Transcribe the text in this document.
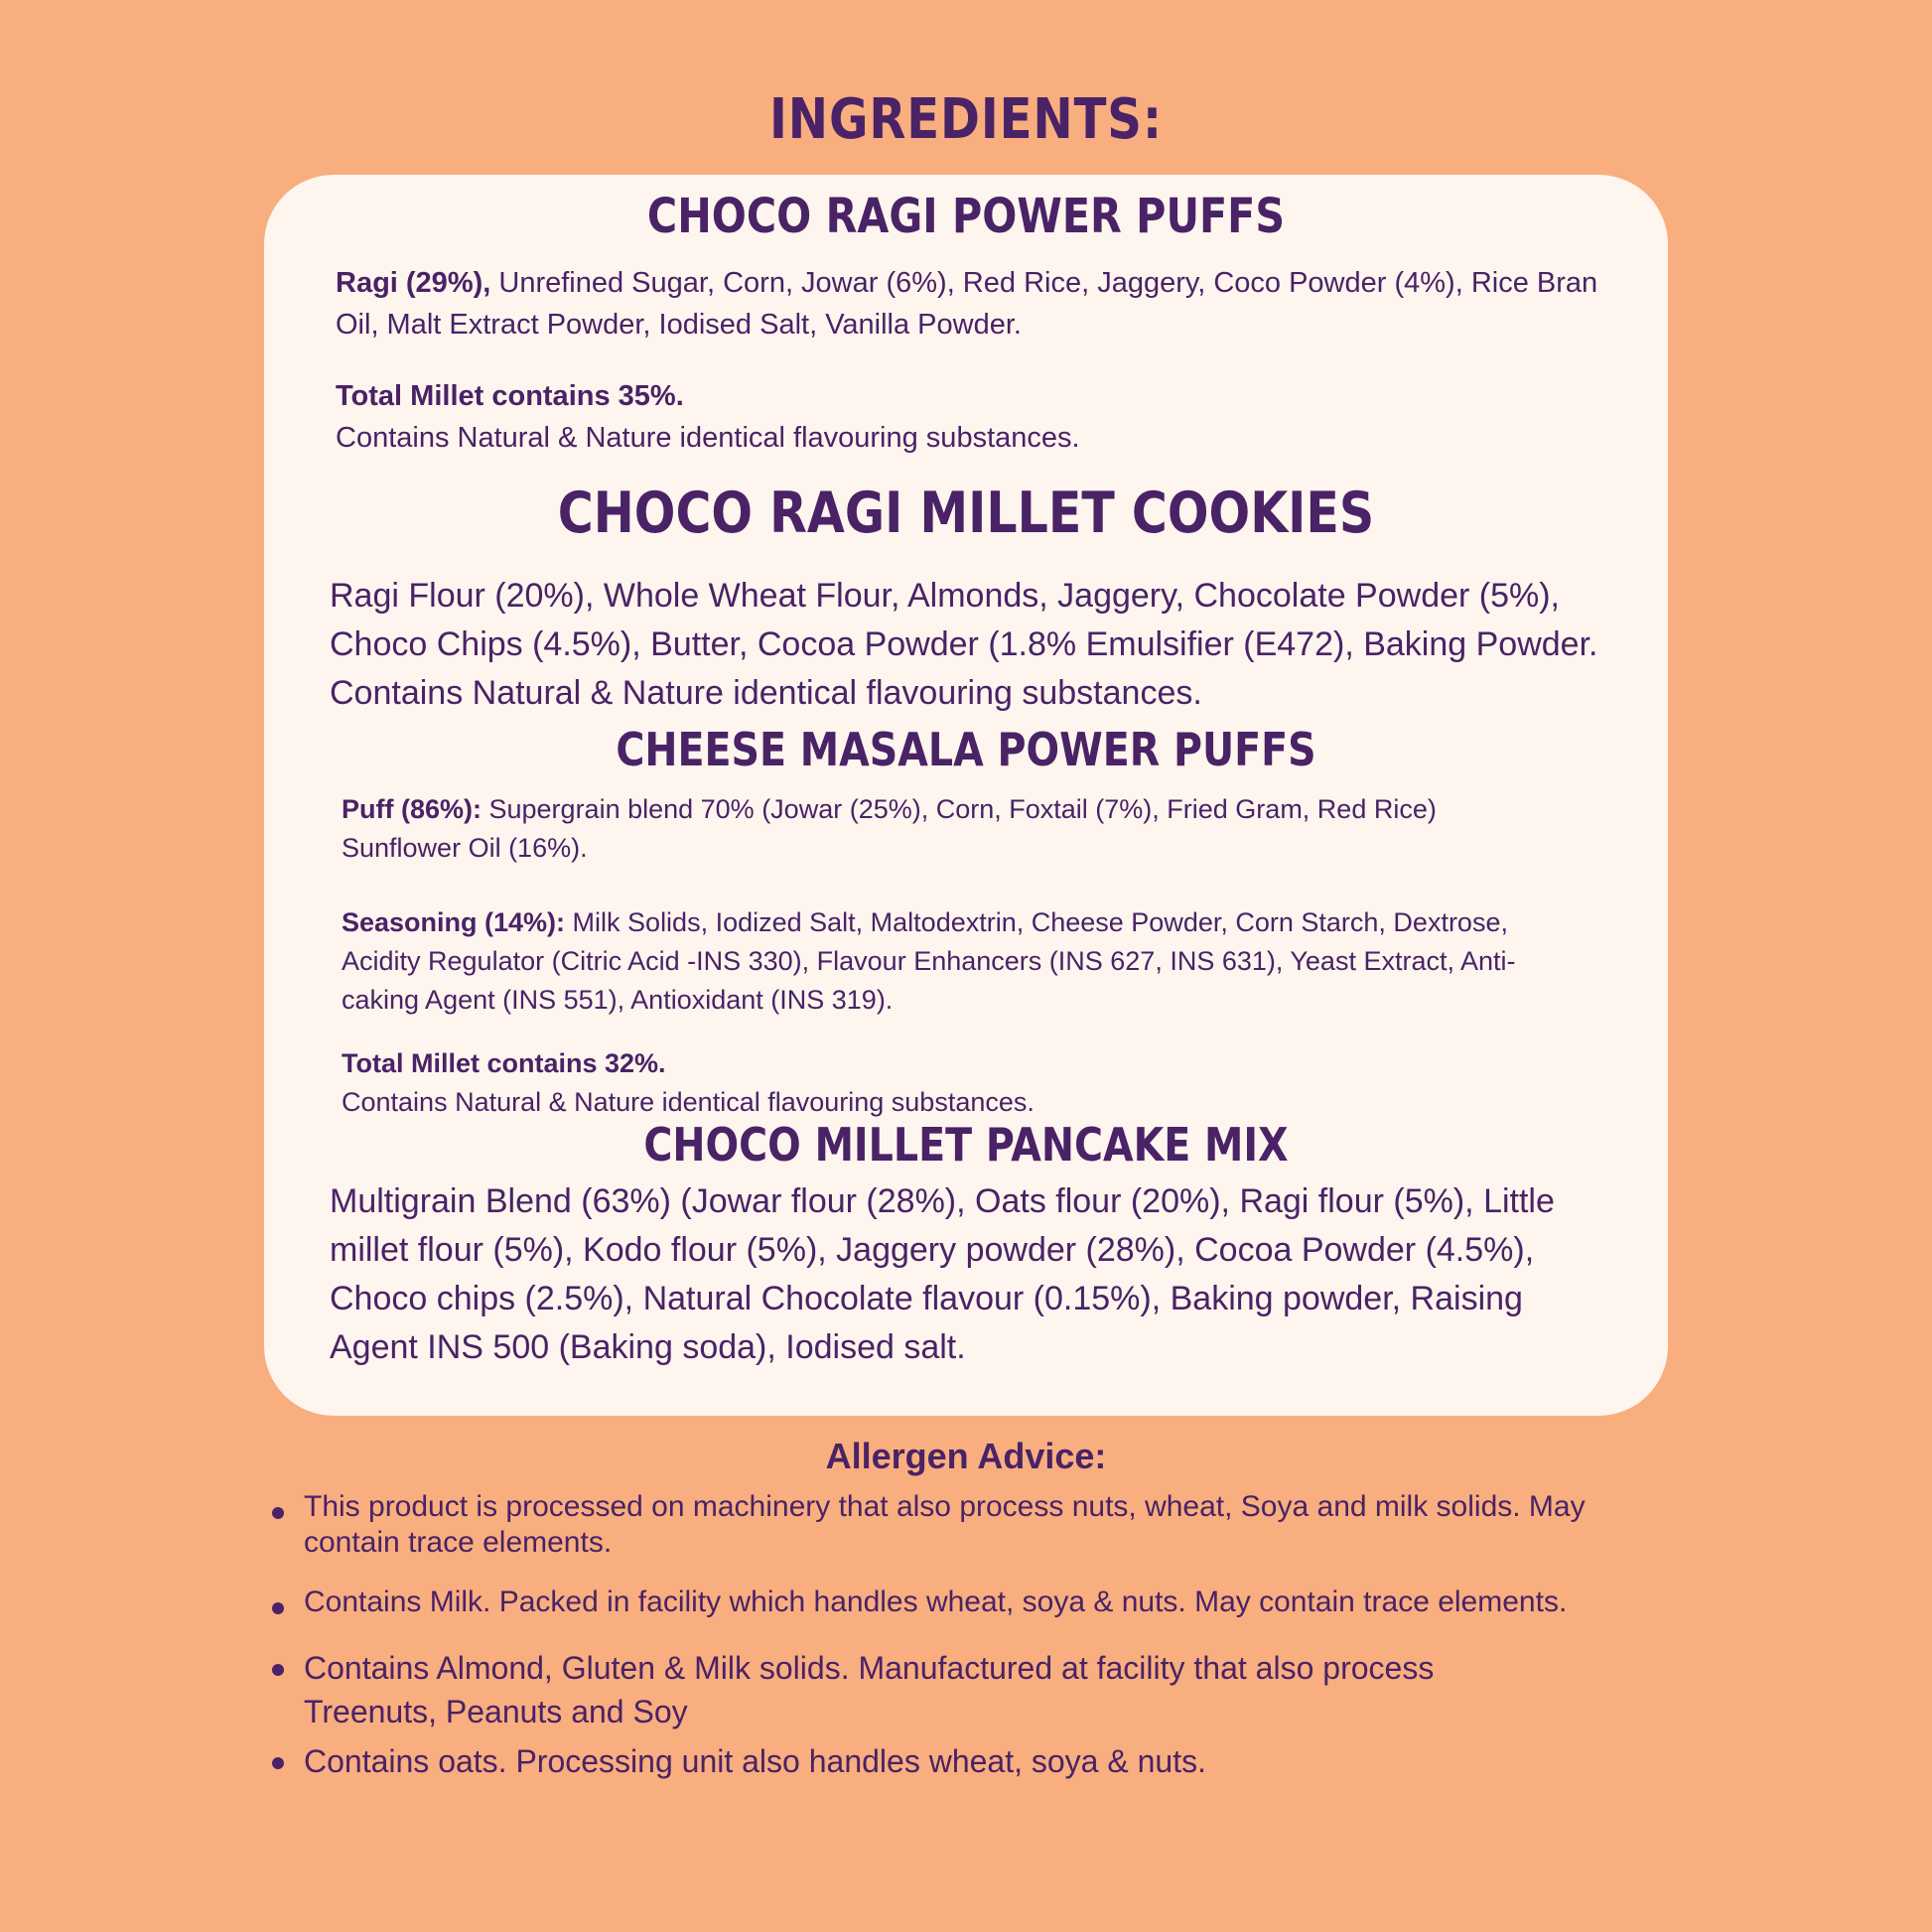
INGREDIENTS:
CHOCO RAGI POWER PUFFS
Ragi (29%), Unrefined Sugar, Corn, Jowar (6%), Red Rice, Jaggery, Coco Powder (4%), Rice Bran Oil, Malt Extract Powder, Iodised Salt, Vanilla Powder.
Total Millet contains 35%.
Contains Natural & Nature identical flavouring substances.
CHOCO RAGI MILLET COOKIES
Ragi Flour (20%), Whole Wheat Flour, Almonds, Jaggery, Chocolate Powder (5%), Choco Chips (4.5%), Butter, Cocoa Powder (1.8% Emulsifier (E472), Baking Powder. Contains Natural & Nature identical flavouring substances.
CHEESE MASALA POWER PUFFS
Puff (86%): Supergrain blend 70% (Jowar (25%), Corn, Foxtail (7%), Fried Gram, Red Rice) Sunflower Oil (16%).
Seasoning (14%): Milk Solids, Iodized Salt, Maltodextrin, Cheese Powder, Corn Starch, Dextrose, Acidity Regulator (Citric Acid -INS 330), Flavour Enhancers (INS 627, INS 631), Yeast Extract, Anti-caking Agent (INS 551), Antioxidant (INS 319).
Total Millet contains 32%.
Contains Natural & Nature identical flavouring substances.
CHOCO MILLET PANCAKE MIX
Multigrain Blend (63%) (Jowar flour (28%), Oats flour (20%), Ragi flour (5%), Little millet flour (5%), Kodo flour (5%), Jaggery powder (28%), Cocoa Powder (4.5%), Choco chips (2.5%), Natural Chocolate flavour (0.15%), Baking powder, Raising Agent INS 500 (Baking soda), Iodised salt.
Allergen Advice:
This product is processed on machinery that also process nuts, wheat, Soya and milk solids. May contain trace elements.
Contains Milk. Packed in facility which handles wheat, soya & nuts. May contain trace elements.
Contains Almond, Gluten & Milk solids. Manufactured at facility that also process Treenuts, Peanuts and Soy
Contains oats. Processing unit also handles wheat, soya & nuts.
